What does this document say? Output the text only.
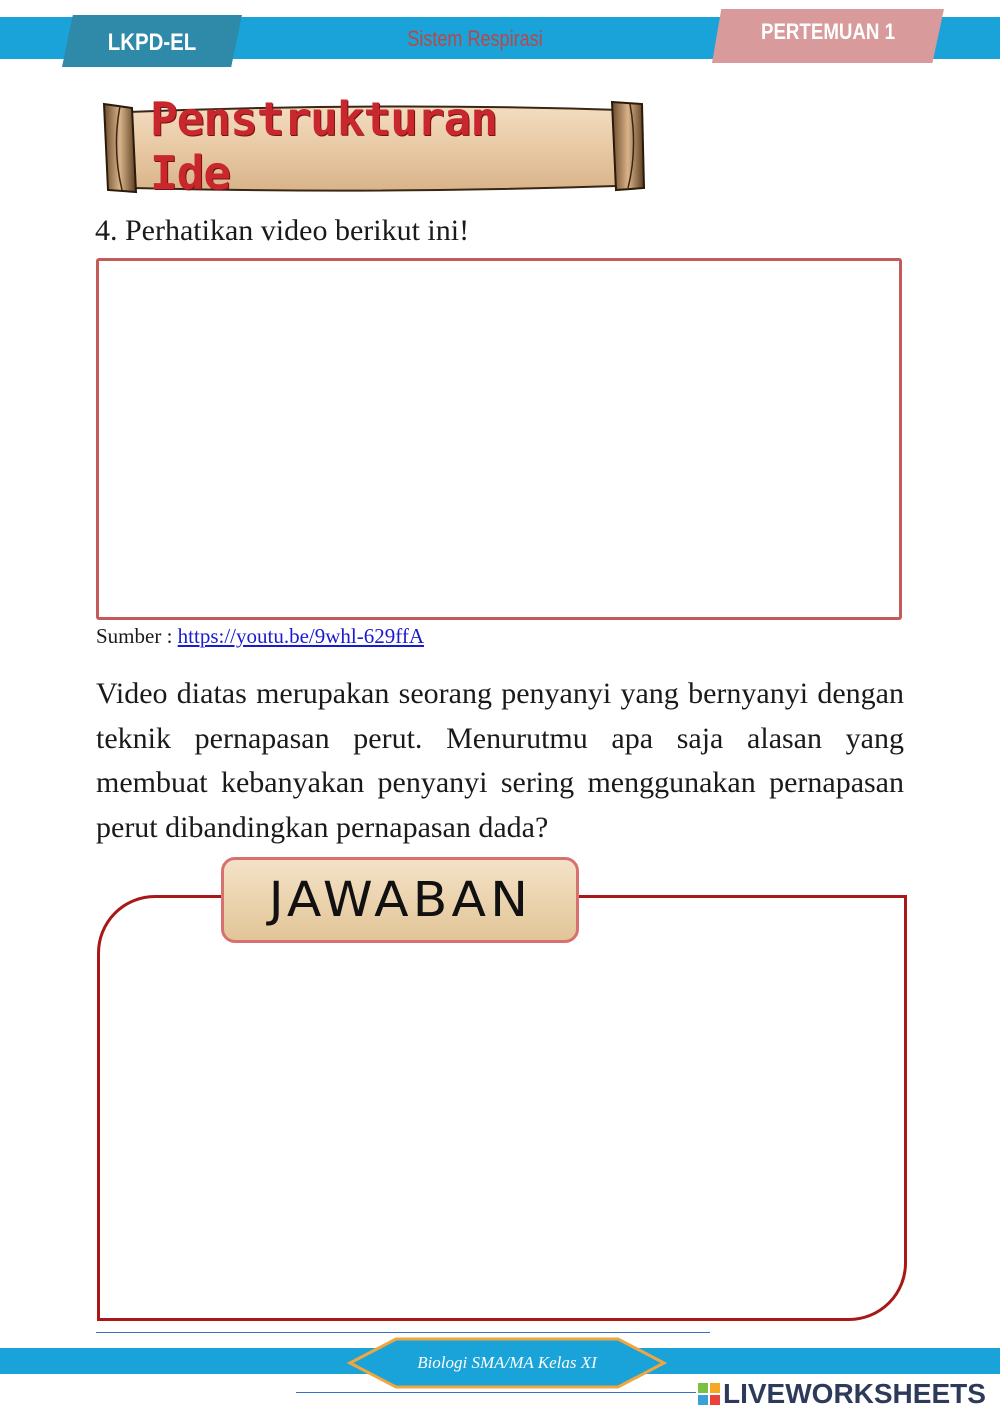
LKPD-EL	Sistem Respirasi	PERTEMUAN 1
Penstrukturan Ide
4. Perhatikan video berikut ini!
Sumber : https://youtu.be/9whl-629ffA
Video diatas merupakan seorang penyanyi yang bernyanyi dengan teknik pernapasan perut. Menurutmu apa saja alasan yang membuat kebanyakan penyanyi sering menggunakan pernapasan perut dibandingkan pernapasan dada?
JAWABAN
Biologi SMA/MA Kelas XI
LIVEWORKSHEETS
